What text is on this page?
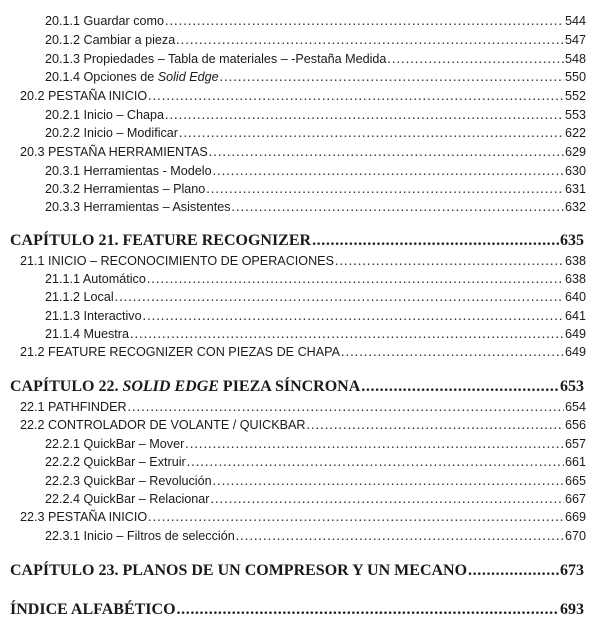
20.1.1 Guardar como .....	544
20.1.2 Cambiar a pieza .....	547
20.1.3 Propiedades – Tabla de materiales – -Pestaña Medida .....	548
20.1.4 Opciones de Solid Edge .....	550
20.2 PESTAÑA INICIO .....	552
20.2.1 Inicio – Chapa .....	553
20.2.2 Inicio – Modificar .....	622
20.3 PESTAÑA HERRAMIENTAS .....	629
20.3.1 Herramientas - Modelo .....	630
20.3.2 Herramientas – Plano .....	631
20.3.3 Herramientas – Asistentes .....	632
CAPÍTULO 21. FEATURE RECOGNIZER .....	635
21.1 INICIO – RECONOCIMIENTO DE OPERACIONES .....	638
21.1.1 Automático .....	638
21.1.2 Local .....	640
21.1.3 Interactivo .....	641
21.1.4 Muestra .....	649
21.2 FEATURE RECOGNIZER CON PIEZAS DE CHAPA .....	649
CAPÍTULO 22. SOLID EDGE PIEZA SÍNCRONA .....	653
22.1 PATHFINDER .....	654
22.2 CONTROLADOR DE VOLANTE / QUICKBAR .....	656
22.2.1 QuickBar – Mover .....	657
22.2.2 QuickBar – Extruir .....	661
22.2.3 QuickBar – Revolución .....	665
22.2.4 QuickBar – Relacionar .....	667
22.3 PESTAÑA INICIO .....	669
22.3.1 Inicio – Filtros de selección .....	670
CAPÍTULO 23. PLANOS DE UN COMPRESOR Y UN MECANO .....	673
ÍNDICE ALFABÉTICO .....	693
